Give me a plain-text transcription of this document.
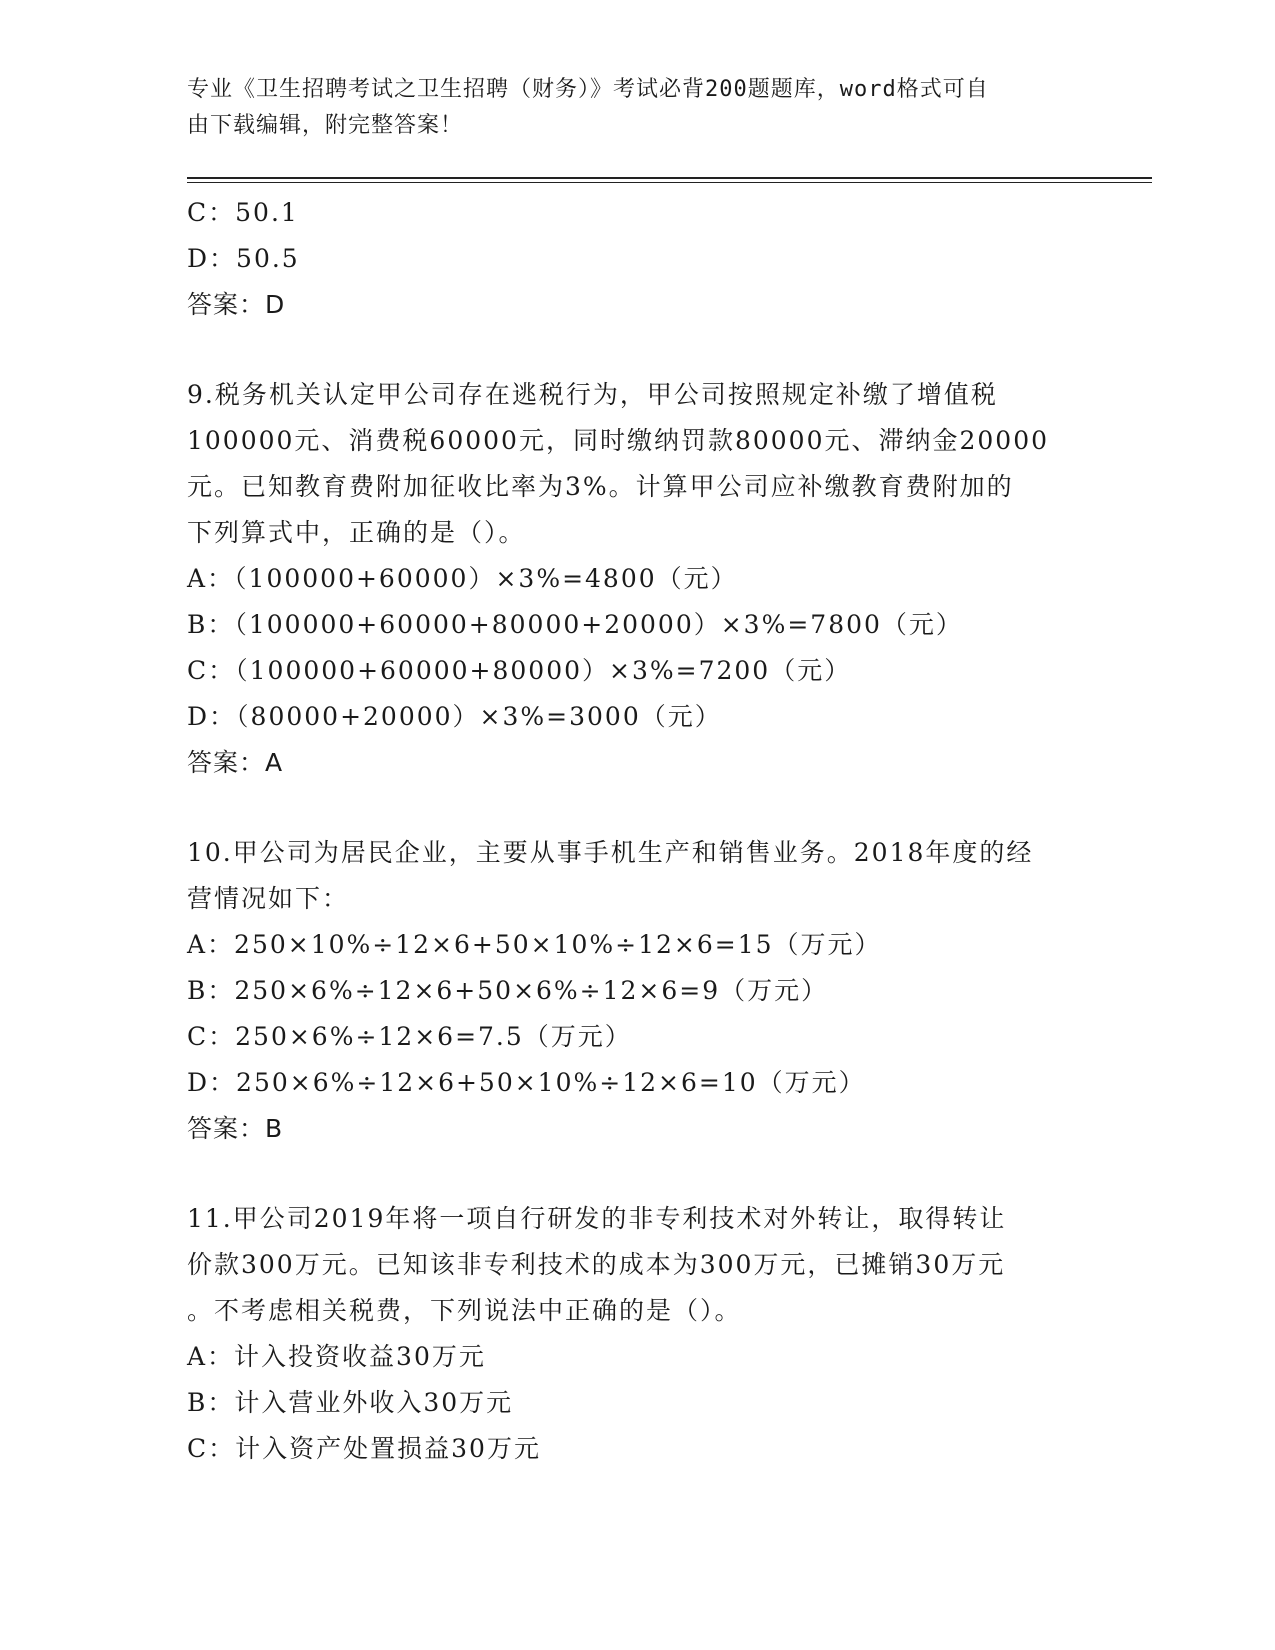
专业《卫生招聘考试之卫生招聘（财务）》考试必背200题题库，word格式可自
由下载编辑，附完整答案！
C：50.1
D：50.5
答案：D
9.税务机关认定甲公司存在逃税行为，甲公司按照规定补缴了增值税
100000元、消费税60000元，同时缴纳罚款80000元、滞纳金20000
元。已知教育费附加征收比率为3%。计算甲公司应补缴教育费附加的
下列算式中，正确的是（）。
A：（100000+60000）×3%=4800（元）
B：（100000+60000+80000+20000）×3%=7800（元）
C：（100000+60000+80000）×3%=7200（元）
D：（80000+20000）×3%=3000（元）
答案：A
10.甲公司为居民企业，主要从事手机生产和销售业务。2018年度的经
营情况如下：
A：250×10%÷12×6+50×10%÷12×6=15（万元）
B：250×6%÷12×6+50×6%÷12×6=9（万元）
C：250×6%÷12×6=7.5（万元）
D：250×6%÷12×6+50×10%÷12×6=10（万元）
答案：B
11.甲公司2019年将一项自行研发的非专利技术对外转让，取得转让
价款300万元。已知该非专利技术的成本为300万元，已摊销30万元
。不考虑相关税费，下列说法中正确的是（）。
A：计入投资收益30万元
B：计入营业外收入30万元
C：计入资产处置损益30万元
